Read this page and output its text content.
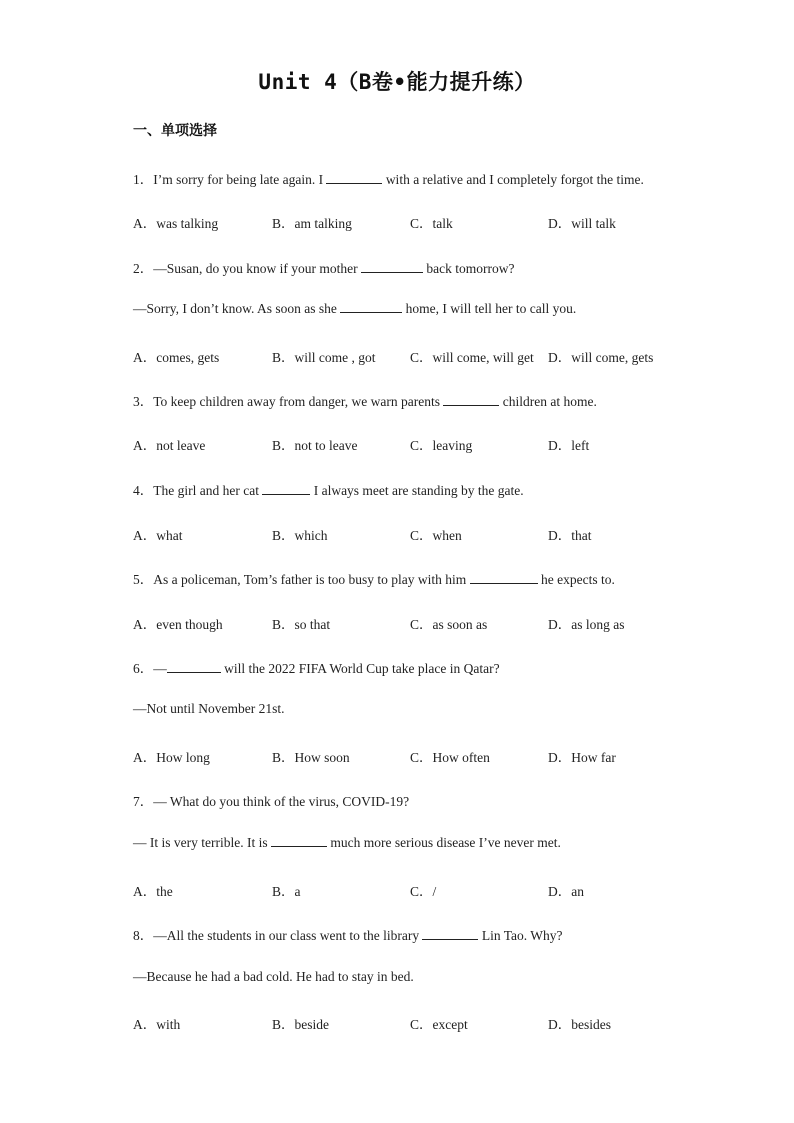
Unit 4（B卷•能力提升练）
一、单项选择
1．I’m sorry for being late again. I	with a relative and I completely forgot the time.
A．was talking	B．am talking	C．talk	D．will talk
2．—Susan, do you know if your mother	back tomorrow?
—Sorry, I don’t know. As soon as she	home, I will tell her to call you.
A．comes, gets	B．will come , got	C．will come, will get D．will come, gets
3．To keep children away from danger, we warn parents	children at home.
A．not leave	B．not to leave	C．leaving	D．left
4．The girl and her cat	I always meet are standing by the gate.
A．what	B．which	C．when	D．that
5．As a policeman, Tom’s father is too busy to play with him	he expects to.
A．even though	B．so that	C．as soon as	D．as long as
6．—	will the 2022 FIFA World Cup take place in Qatar?
—Not until November 21st.
A．How long	B．How soon	C．How often	D．How far
7．— What do you think of the virus, COVID-19?
— It is very terrible. It is	much more serious disease I’ve never met.
A．the	B．a	C．/	D．an
8．—All the students in our class went to the library	Lin Tao. Why?
—Because he had a bad cold. He had to stay in bed.
A．with	B．beside	C．except	D．besides
